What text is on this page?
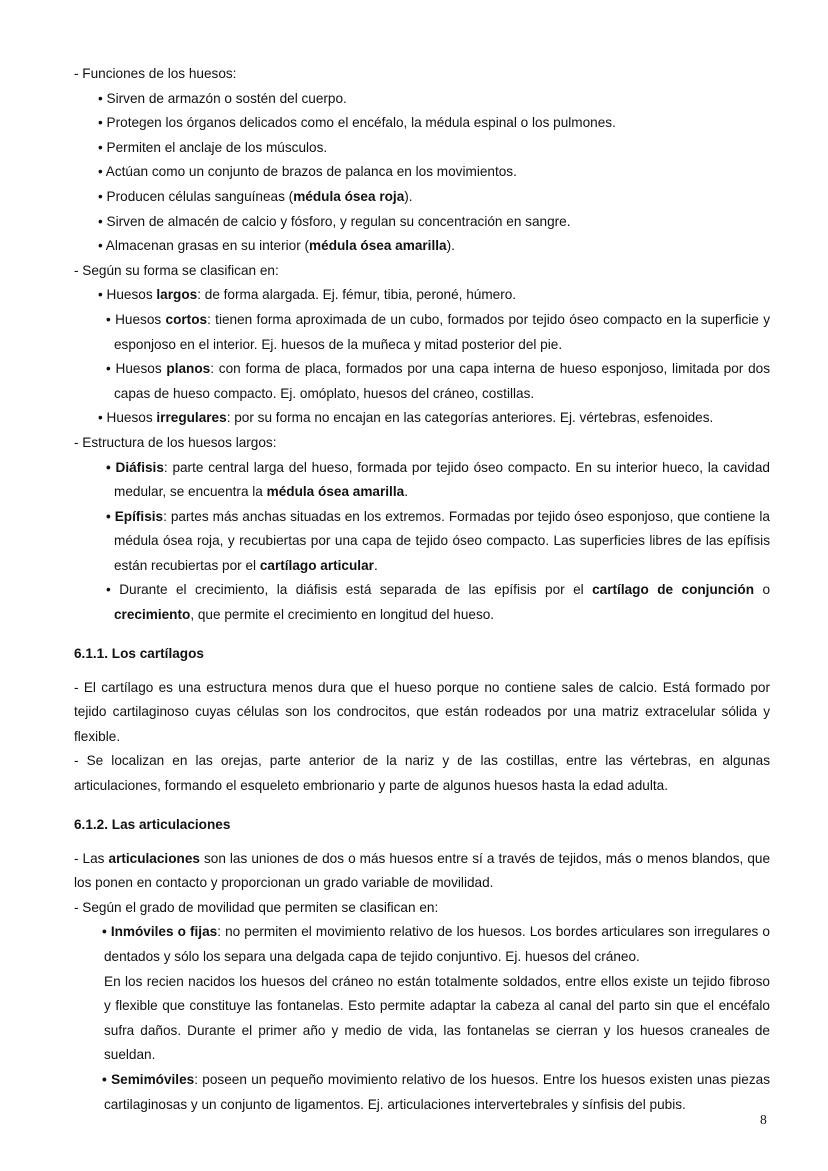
- Funciones de los huesos:

• Sirven de armazón o sostén del cuerpo.

• Protegen los órganos delicados como el encéfalo, la médula espinal o los pulmones.

• Permiten el anclaje de los músculos.

• Actúan como un conjunto de brazos de palanca en los movimientos.

• Producen células sanguíneas (médula ósea roja).

• Sirven de almacén de calcio y fósforo, y regulan su concentración en sangre.

• Almacenan grasas en su interior (médula ósea amarilla).

- Según su forma se clasifican en:

• Huesos largos: de forma alargada. Ej. fémur, tibia, peroné, húmero.

• Huesos cortos: tienen forma aproximada de un cubo, formados por tejido óseo compacto en la superficie y esponjoso en el interior. Ej. huesos de la muñeca y mitad posterior del pie.

• Huesos planos: con forma de placa, formados por una capa interna de hueso esponjoso, limitada por dos capas de hueso compacto. Ej. omóplato, huesos del cráneo, costillas.

• Huesos irregulares: por su forma no encajan en las categorías anteriores. Ej. vértebras, esfenoides.

- Estructura de los huesos largos:

• Diáfisis: parte central larga del hueso, formada por tejido óseo compacto. En su interior hueco, la cavidad medular, se encuentra la médula ósea amarilla.

• Epífisis: partes más anchas situadas en los extremos. Formadas por tejido óseo esponjoso, que contiene la médula ósea roja, y recubiertas por una capa de tejido óseo compacto. Las superficies libres de las epífisis están recubiertas por el cartílago articular.

• Durante el crecimiento, la diáfisis está separada de las epífisis por el cartílago de conjunción o crecimiento, que permite el crecimiento en longitud del hueso.

6.1.1. Los cartílagos

- El cartílago es una estructura menos dura que el hueso porque no contiene sales de calcio. Está formado por tejido cartilaginoso cuyas células son los condrocitos, que están rodeados por una matriz extracelular sólida y flexible.

- Se localizan en las orejas, parte anterior de la nariz y de las costillas, entre las vértebras, en algunas articulaciones, formando el esqueleto embrionario y parte de algunos huesos hasta la edad adulta.

6.1.2. Las articulaciones

- Las articulaciones son las uniones de dos o más huesos entre sí a través de tejidos, más o menos blandos, que los ponen en contacto y proporcionan un grado variable de movilidad.

- Según el grado de movilidad que permiten se clasifican en:

• Inmóviles o fijas: no permiten el movimiento relativo de los huesos. Los bordes articulares son irregulares o dentados y sólo los separa una delgada capa de tejido conjuntivo. Ej. huesos del cráneo.

En los recien nacidos los huesos del cráneo no están totalmente soldados, entre ellos existe un tejido fibroso y flexible que constituye las fontanelas. Esto permite adaptar la cabeza al canal del parto sin que el encéfalo sufra daños. Durante el primer año y medio de vida, las fontanelas se cierran y los huesos craneales de sueldan.

• Semimóviles: poseen un pequeño movimiento relativo de los huesos. Entre los huesos existen unas piezas cartilaginosas y un conjunto de ligamentos. Ej. articulaciones intervertebrales y sínfisis del pubis.

8
